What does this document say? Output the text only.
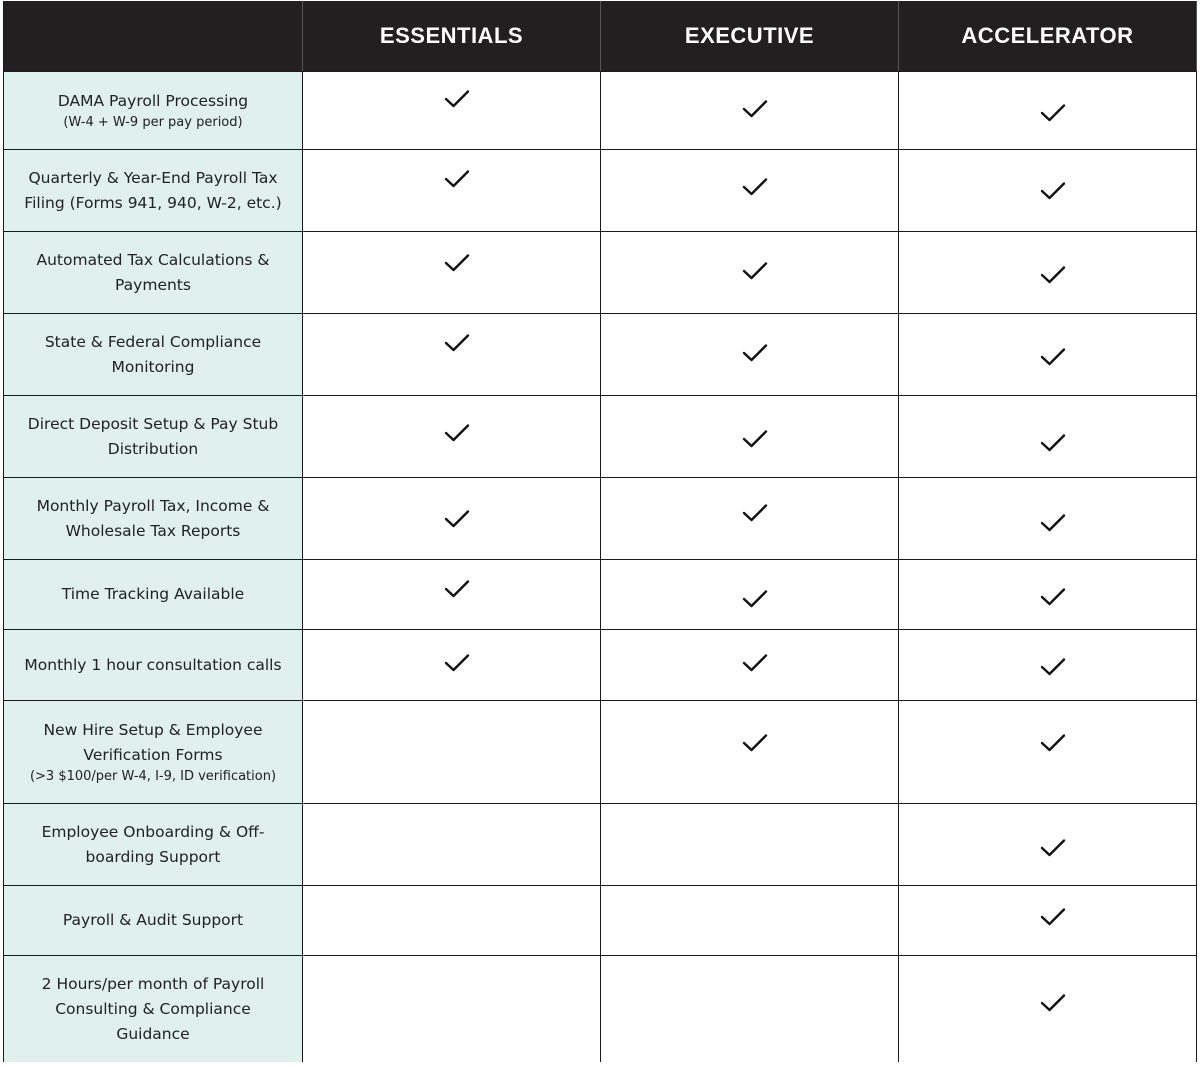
ESSENTIALS	EXECUTIVE	ACCELERATOR
DAMA Payroll Processing
(W-4 + W-9 per pay period)
Quarterly & Year-End Payroll Tax Filing (Forms 941, 940, W-2, etc.)
Automated Tax Calculations & Payments
State & Federal Compliance Monitoring
Direct Deposit Setup & Pay Stub Distribution
Monthly Payroll Tax, Income & Wholesale Tax Reports
Time Tracking Available
Monthly 1 hour consultation calls
New Hire Setup & Employee Verification Forms
(>3 $100/per W-4, I-9, ID verification)
Employee Onboarding & Off-boarding Support
Payroll & Audit Support
2 Hours/per month of Payroll Consulting & Compliance Guidance
